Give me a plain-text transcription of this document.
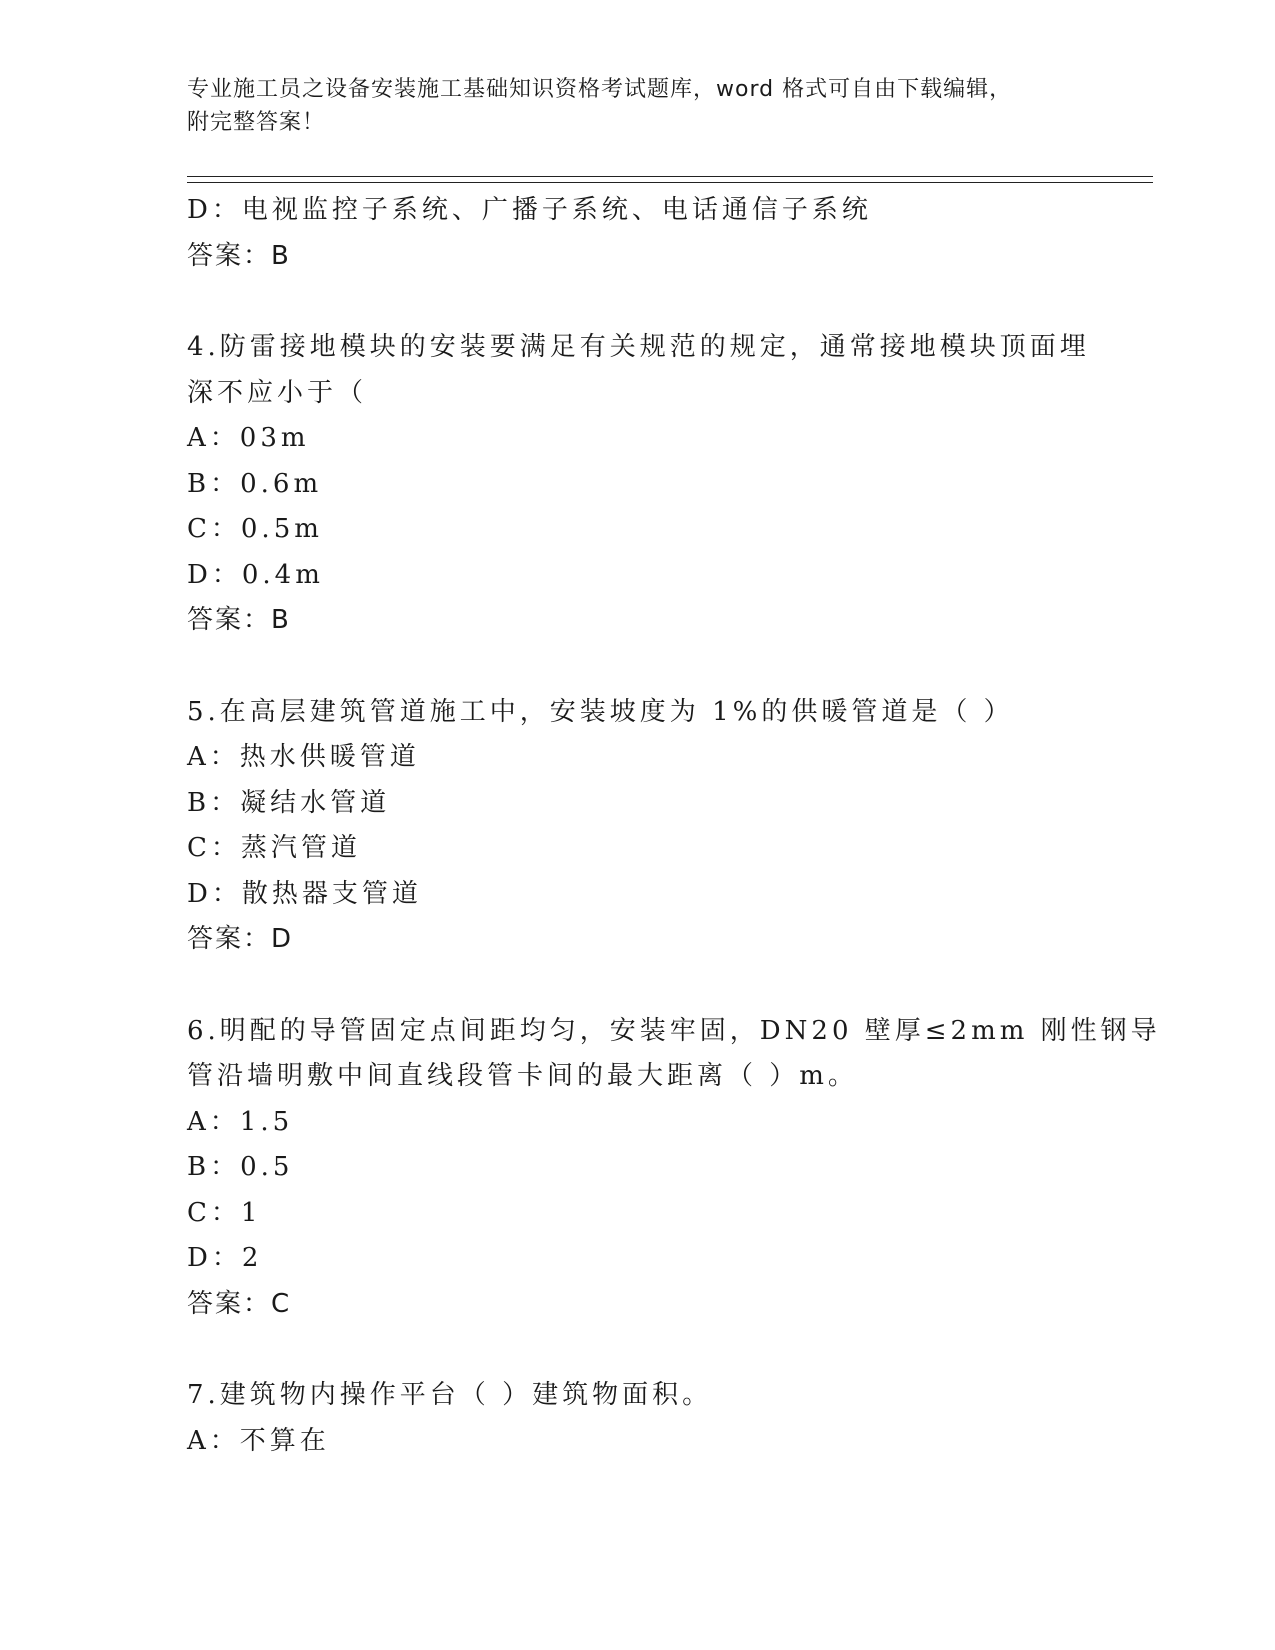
专业施工员之设备安装施工基础知识资格考试题库，word 格式可自由下载编辑，
附完整答案！
D：电视监控子系统、广播子系统、电话通信子系统
答案：B
4.防雷接地模块的安装要满足有关规范的规定，通常接地模块顶面埋
深不应小于（
A：03m
B：0.6m
C：0.5m
D：0.4m
答案：B
5.在高层建筑管道施工中，安装坡度为 1%的供暖管道是（ ）
A：热水供暖管道
B：凝结水管道
C：蒸汽管道
D：散热器支管道
答案：D
6.明配的导管固定点间距均匀，安装牢固，DN20 壁厚≤2mm 刚性钢导
管沿墙明敷中间直线段管卡间的最大距离（ ）m。
A：1.5
B：0.5
C：1
D：2
答案：C
7.建筑物内操作平台（ ）建筑物面积。
A：不算在
